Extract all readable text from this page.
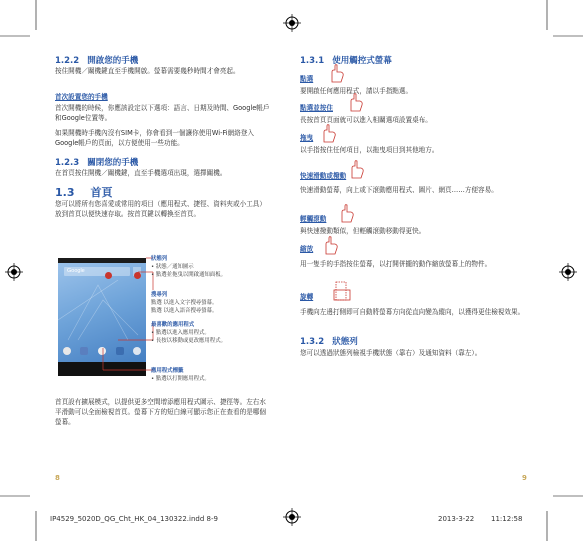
1.2.2 開啟您的手機
按住開機／關機鍵直至手機開啟。螢幕需要幾秒時間才會亮起。
首次設置您的手機
首次開機的時候，你應該設定以下選項：語言、日期及時間、Google帳戶和Google位置等。
如果開機時手機內沒有SIM卡，你會看到一個讓你使用Wi-Fi網絡登入Google帳戶的頁面，以方便使用一些功能。
1.2.3 關閉您的手機
在首頁按住開機／關機鍵，直至手機選項出現，選擇關機。
1.3 首頁
您可以將所有您喜愛或常用的項目（應用程式、捷徑、資料夾或小工具）放到首頁以便快速存取。按首頁鍵以轉換至首頁。
Google
狀態列
• 狀態／通知圖示
• 點選並拖曳以開啟通知面板。
搜尋列
點選 以進入文字搜尋螢幕。
點選 以進入語音搜尋螢幕。
最喜歡的應用程式
• 點選以進入應用程式。
• 長按以移動或更改應用程式。
應用程式標籤
• 點選以打開應用程式。
首頁設有擴展模式，以提供更多空間增添應用程式圖示、捷徑等。左右水平滑動可以全面檢視首頁。螢幕下方的短白線可顯示您正在查看的是哪個螢幕。
8
1.3.1 使用觸控式螢幕
點選
要開啟任何應用程式，請以手指點選。
點選並按住
長按首頁頁面就可以進入相關選項設置桌布。
拖曳
以手指按住任何項目，以拖曳項目到其他地方。
快速滑動或撥動
快速滑動螢幕，向上或下滾動應用程式、圖片、網頁……方便容易。
輕觸滾動
與快速撥動類似，但輕觸滾動移動得更快。
縮放
用一隻手的手指按住螢幕，以打開併攏的動作縮放螢幕上的物件。
旋轉
手機向左邊打側即可自動將螢幕方向從直向變為縱向，以獲得更佳檢視效果。
1.3.2 狀態列
您可以透過狀態列檢視手機狀態（靠右）及通知資料（靠左）。
9
IP4529_5020D_QG_Cht_HK_04_130322.indd 8-9	2013-3-22 11:12:58
